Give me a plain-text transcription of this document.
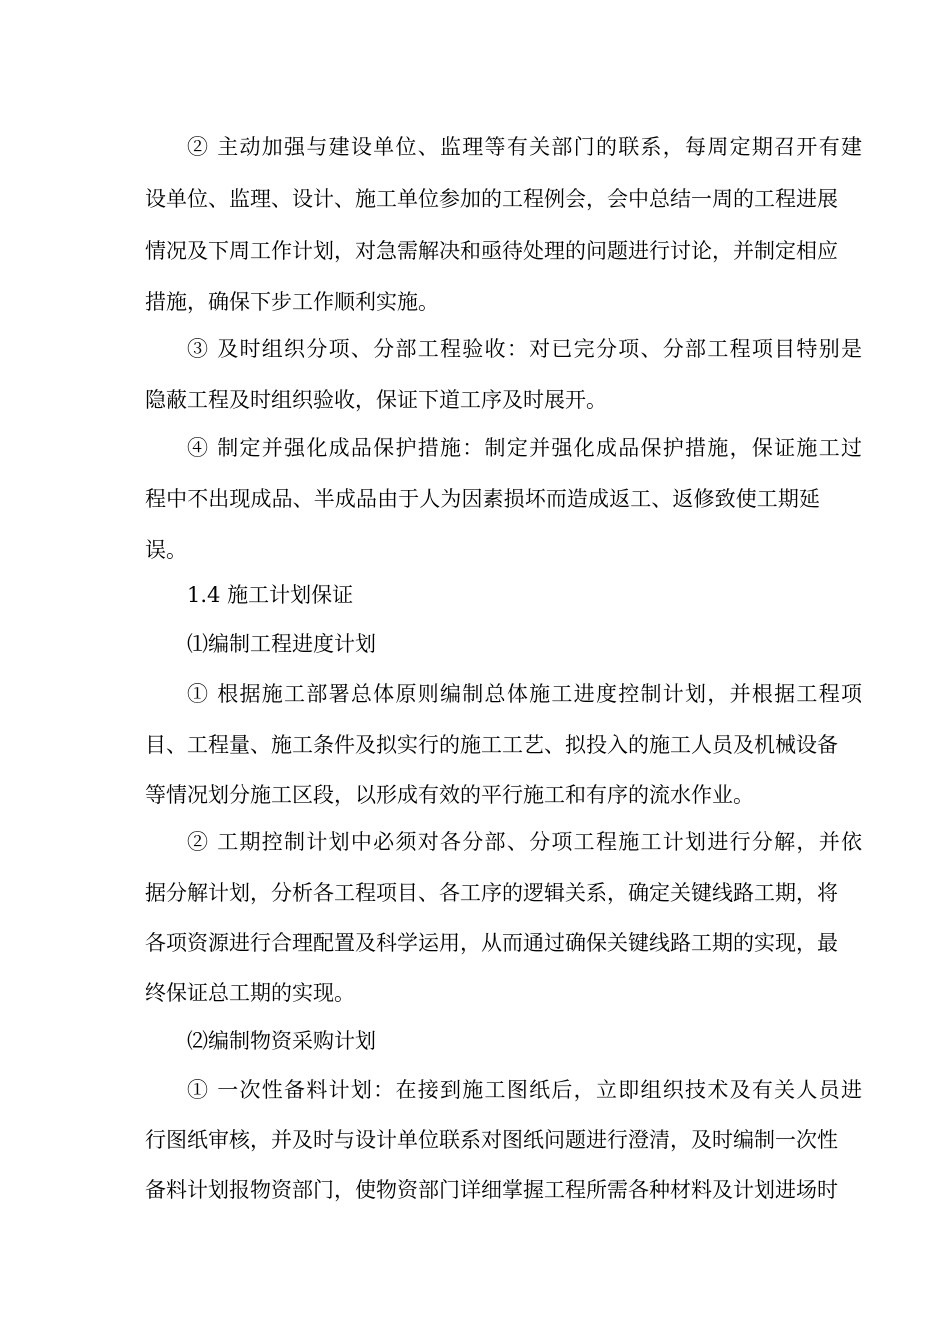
② 主动加强与建设单位、监理等有关部门的联系，每周定期召开有建
设单位、监理、设计、施工单位参加的工程例会，会中总结一周的工程进展
情况及下周工作计划，对急需解决和亟待处理的问题进行讨论，并制定相应
措施，确保下步工作顺利实施。
③ 及时组织分项、分部工程验收：对已完分项、分部工程项目特别是
隐蔽工程及时组织验收，保证下道工序及时展开。
④ 制定并强化成品保护措施：制定并强化成品保护措施，保证施工过
程中不出现成品、半成品由于人为因素损坏而造成返工、返修致使工期延
误。
1.4 施工计划保证
⑴编制工程进度计划
① 根据施工部署总体原则编制总体施工进度控制计划，并根据工程项
目、工程量、施工条件及拟实行的施工工艺、拟投入的施工人员及机械设备
等情况划分施工区段，以形成有效的平行施工和有序的流水作业。
② 工期控制计划中必须对各分部、分项工程施工计划进行分解，并依
据分解计划，分析各工程项目、各工序的逻辑关系，确定关键线路工期，将
各项资源进行合理配置及科学运用，从而通过确保关键线路工期的实现，最
终保证总工期的实现。
⑵编制物资采购计划
① 一次性备料计划：在接到施工图纸后，立即组织技术及有关人员进
行图纸审核，并及时与设计单位联系对图纸问题进行澄清，及时编制一次性
备料计划报物资部门，使物资部门详细掌握工程所需各种材料及计划进场时
